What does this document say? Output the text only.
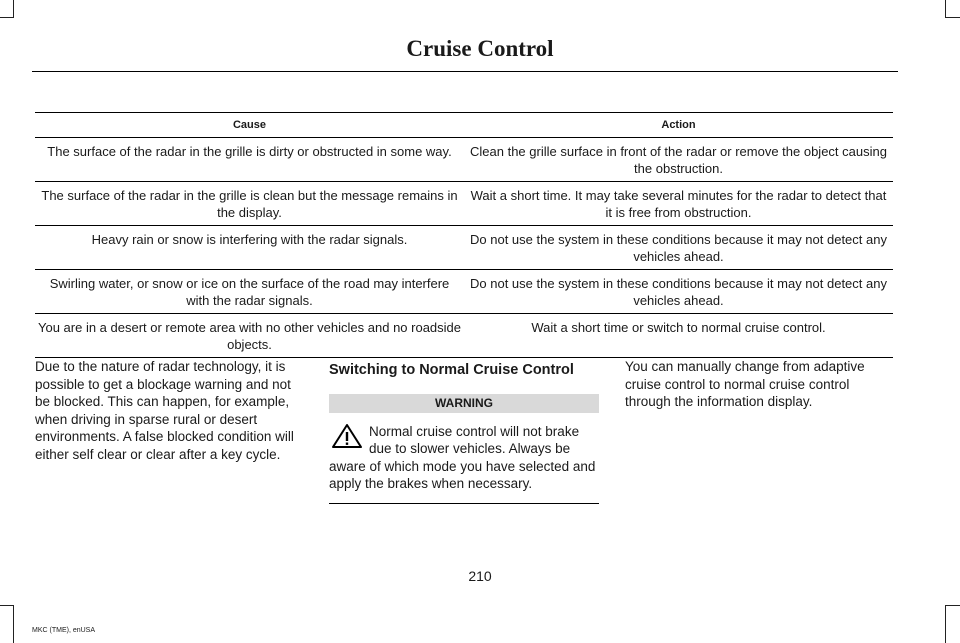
Cruise Control
Cause	Action
The surface of the radar in the grille is dirty or obstructed in some way.	Clean the grille surface in front of the radar or remove the object causing the obstruction.
The surface of the radar in the grille is clean but the message remains in the display.	Wait a short time. It may take several minutes for the radar to detect that it is free from obstruction.
Heavy rain or snow is interfering with the radar signals.	Do not use the system in these conditions because it may not detect any vehicles ahead.
Swirling water, or snow or ice on the surface of the road may interfere with the radar signals.	Do not use the system in these conditions because it may not detect any vehicles ahead.
You are in a desert or remote area with no other vehicles and no roadside objects.	Wait a short time or switch to normal cruise control.

Due to the nature of radar technology, it is possible to get a blockage warning and not be blocked. This can happen, for example, when driving in sparse rural or desert environments. A false blocked condition will either self clear or clear after a key cycle.

Switching to Normal Cruise Control
WARNING
Normal cruise control will not brake due to slower vehicles. Always be aware of which mode you have selected and apply the brakes when necessary.

You can manually change from adaptive cruise control to normal cruise control through the information display.

210
MKC (TME), enUSA
